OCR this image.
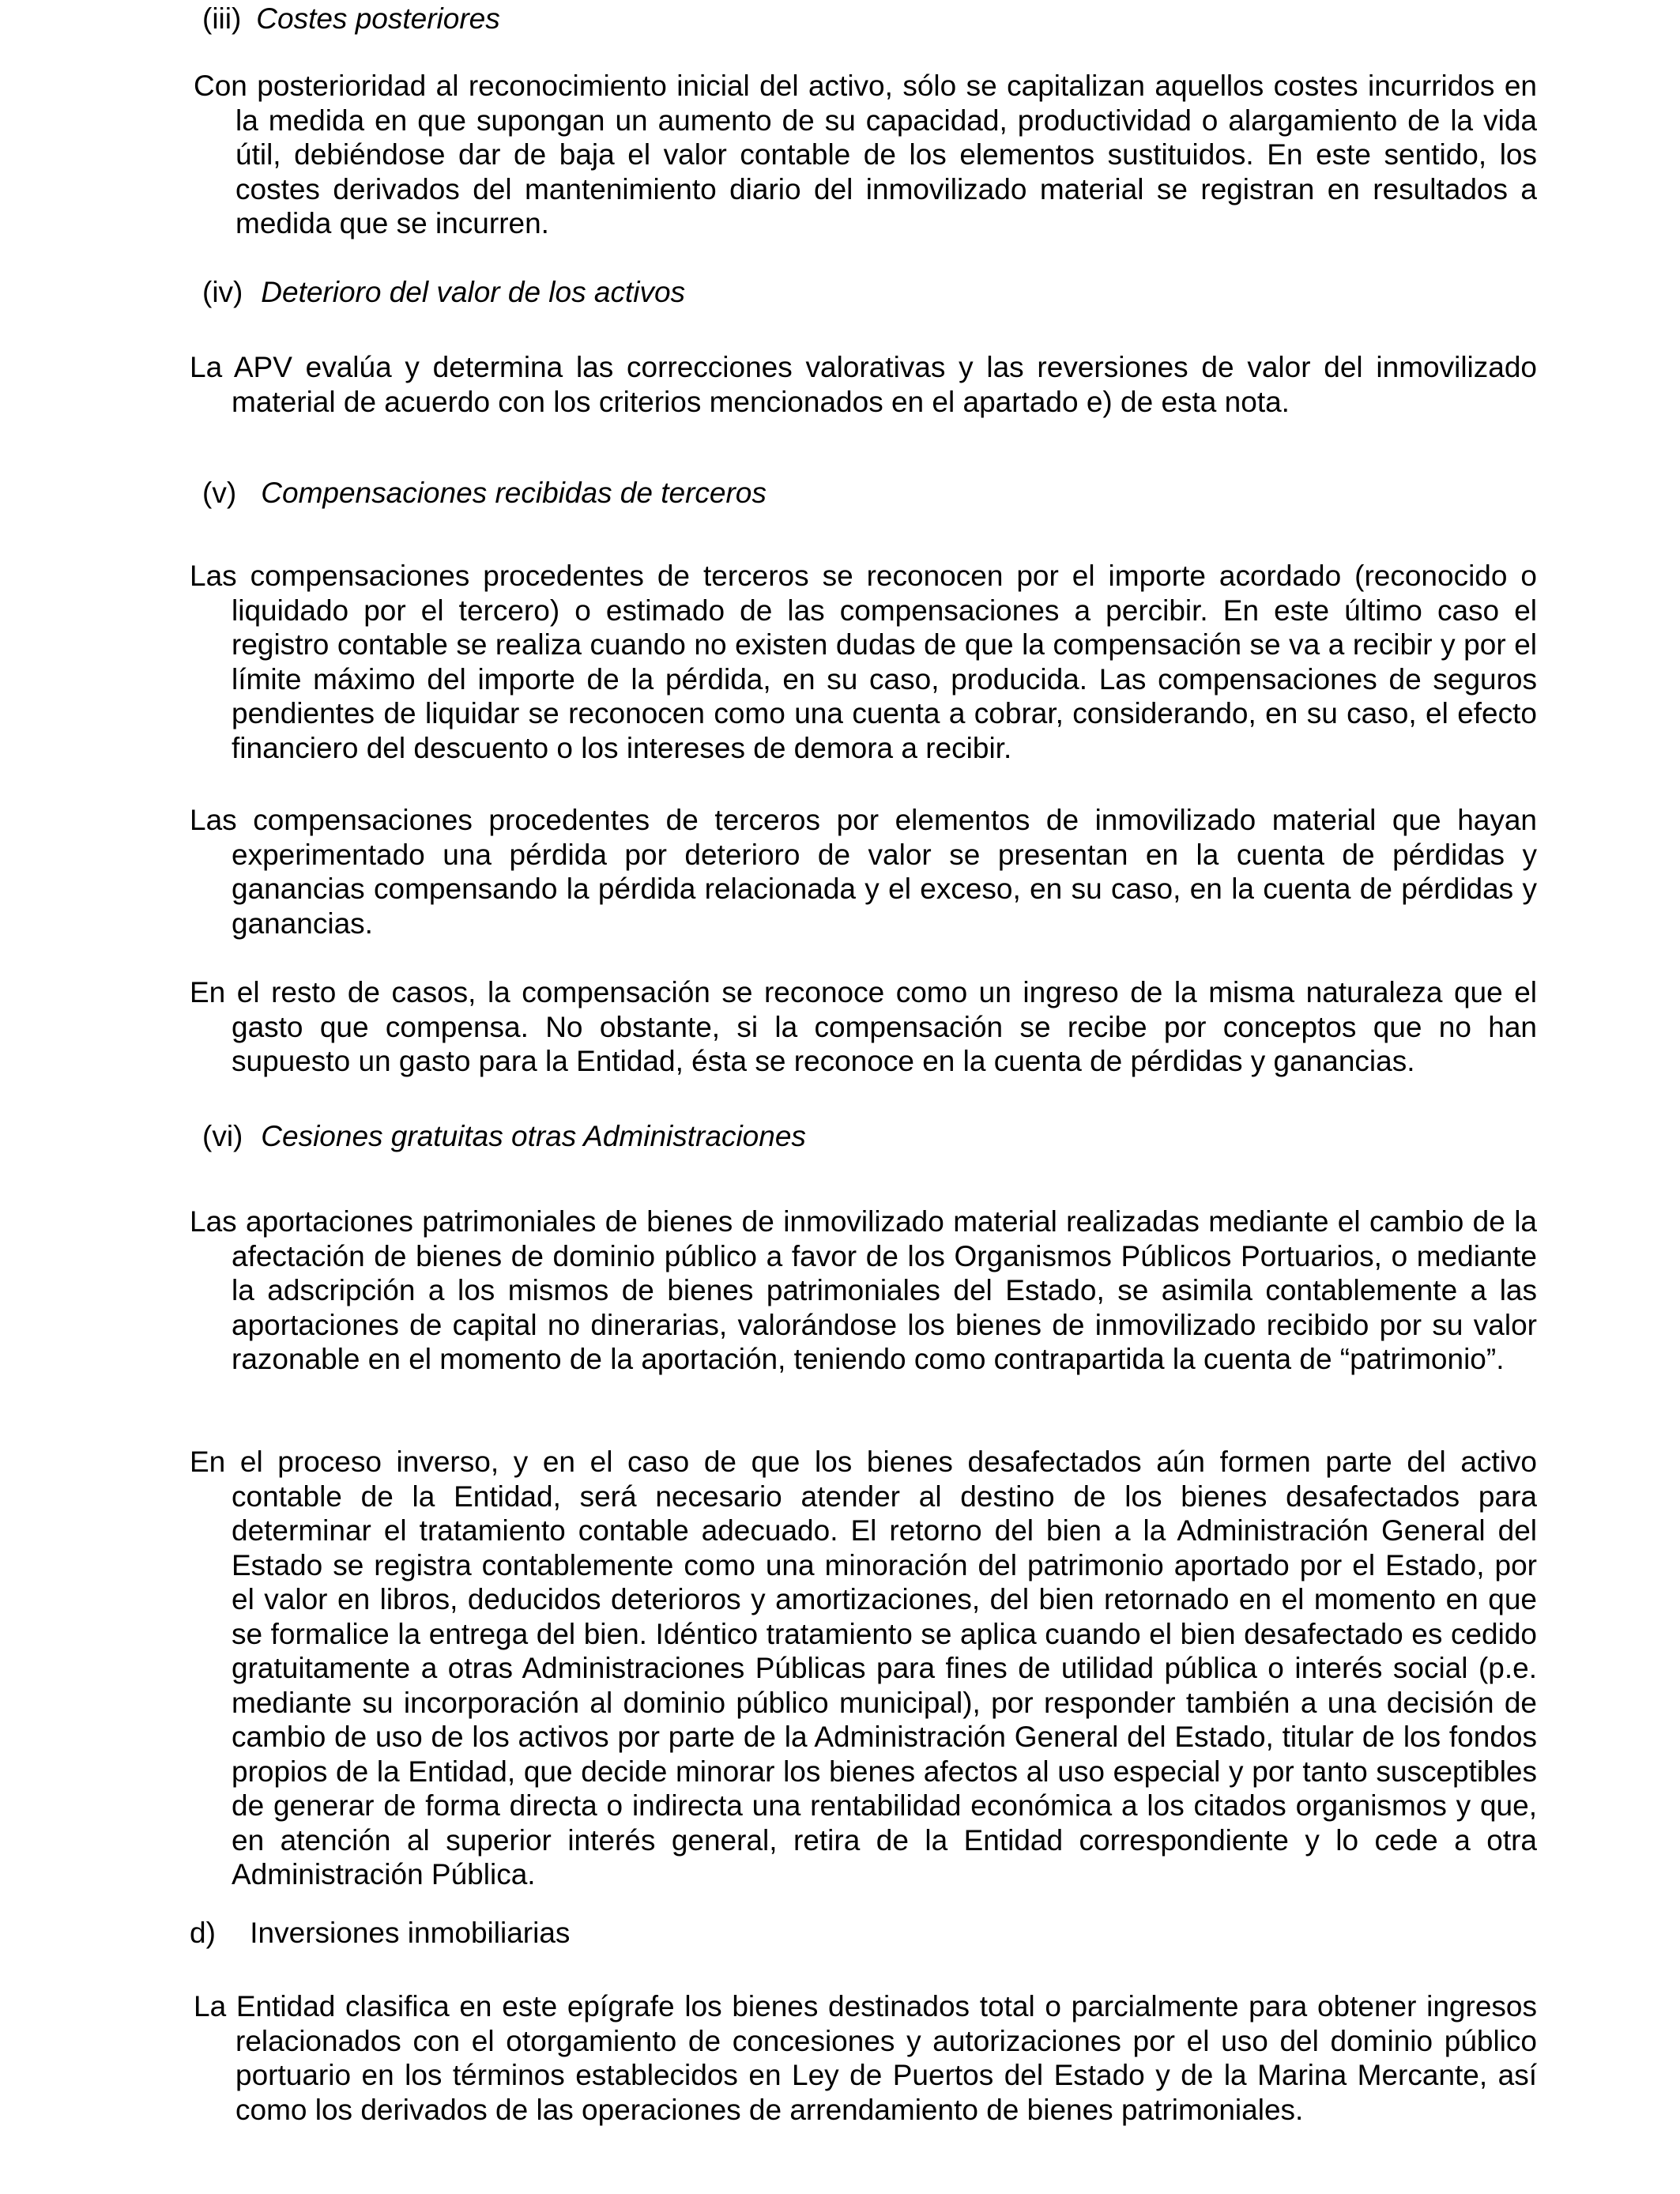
(iii) Costes posteriores

Con posterioridad al reconocimiento inicial del activo, sólo se capitalizan aquellos costes incurridos en la medida en que supongan un aumento de su capacidad, productividad o alargamiento de la vida útil, debiéndose dar de baja el valor contable de los elementos sustituidos. En este sentido, los costes derivados del mantenimiento diario del inmovilizado material se registran en resultados a medida que se incurren.

(iv) Deterioro del valor de los activos

La APV evalúa y determina las correcciones valorativas y las reversiones de valor del inmovilizado material de acuerdo con los criterios mencionados en el apartado e) de esta nota.

(v) Compensaciones recibidas de terceros

Las compensaciones procedentes de terceros se reconocen por el importe acordado (reconocido o liquidado por el tercero) o estimado de las compensaciones a percibir. En este último caso el registro contable se realiza cuando no existen dudas de que la compensación se va a recibir y por el límite máximo del importe de la pérdida, en su caso, producida. Las compensaciones de seguros pendientes de liquidar se reconocen como una cuenta a cobrar, considerando, en su caso, el efecto financiero del descuento o los intereses de demora a recibir.

Las compensaciones procedentes de terceros por elementos de inmovilizado material que hayan experimentado una pérdida por deterioro de valor se presentan en la cuenta de pérdidas y ganancias compensando la pérdida relacionada y el exceso, en su caso, en la cuenta de pérdidas y ganancias.

En el resto de casos, la compensación se reconoce como un ingreso de la misma naturaleza que el gasto que compensa. No obstante, si la compensación se recibe por conceptos que no han supuesto un gasto para la Entidad, ésta se reconoce en la cuenta de pérdidas y ganancias.

(vi) Cesiones gratuitas otras Administraciones

Las aportaciones patrimoniales de bienes de inmovilizado material realizadas mediante el cambio de la afectación de bienes de dominio público a favor de los Organismos Públicos Portuarios, o mediante la adscripción a los mismos de bienes patrimoniales del Estado, se asimila contablemente a las aportaciones de capital no dinerarias, valorándose los bienes de inmovilizado recibido por su valor razonable en el momento de la aportación, teniendo como contrapartida la cuenta de “patrimonio”.

En el proceso inverso, y en el caso de que los bienes desafectados aún formen parte del activo contable de la Entidad, será necesario atender al destino de los bienes desafectados para determinar el tratamiento contable adecuado. El retorno del bien a la Administración General del Estado se registra contablemente como una minoración del patrimonio aportado por el Estado, por el valor en libros, deducidos deterioros y amortizaciones, del bien retornado en el momento en que se formalice la entrega del bien. Idéntico tratamiento se aplica cuando el bien desafectado es cedido gratuitamente a otras Administraciones Públicas para fines de utilidad pública o interés social (p.e. mediante su incorporación al dominio público municipal), por responder también a una decisión de cambio de uso de los activos por parte de la Administración General del Estado, titular de los fondos propios de la Entidad, que decide minorar los bienes afectos al uso especial y por tanto susceptibles de generar de forma directa o indirecta una rentabilidad económica a los citados organismos y que, en atención al superior interés general, retira de la Entidad correspondiente y lo cede a otra Administración Pública.

d) Inversiones inmobiliarias

La Entidad clasifica en este epígrafe los bienes destinados total o parcialmente para obtener ingresos relacionados con el otorgamiento de concesiones y autorizaciones por el uso del dominio público portuario en los términos establecidos en Ley de Puertos del Estado y de la Marina Mercante, así como los derivados de las operaciones de arrendamiento de bienes patrimoniales.
